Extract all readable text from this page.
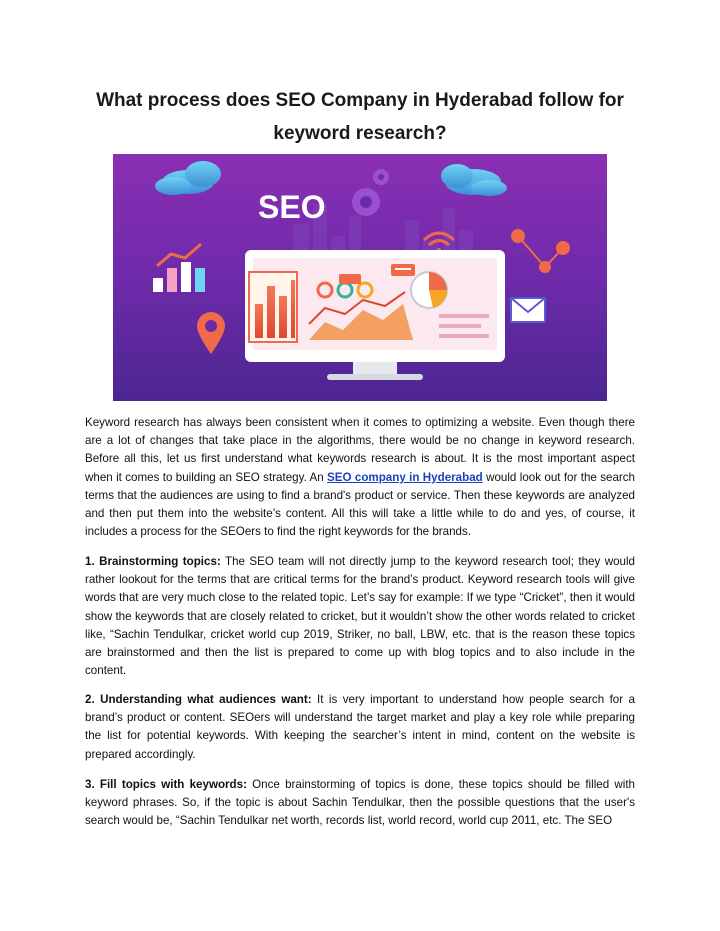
What process does SEO Company in Hyderabad follow for keyword research?
SEO
Keyword research has always been consistent when it comes to optimizing a website. Even though there are a lot of changes that take place in the algorithms, there would be no change in keyword research. Before all this, let us first understand what keywords research is about. It is the most important aspect when it comes to building an SEO strategy. An SEO company in Hyderabad would look out for the search terms that the audiences are using to find a brand's product or service. Then these keywords are analyzed and then put them into the website’s content. All this will take a little while to do and yes, of course, it includes a process for the SEOers to find the right keywords for the brands.
1. Brainstorming topics: The SEO team will not directly jump to the keyword research tool; they would rather lookout for the terms that are critical terms for the brand’s product. Keyword research tools will give words that are very much close to the related topic. Let’s say for example: If we type “Cricket”, then it would show the keywords that are closely related to cricket, but it wouldn’t show the other words related to cricket like, “Sachin Tendulkar, cricket world cup 2019, Striker, no ball, LBW, etc. that is the reason these topics are brainstormed and then the list is prepared to come up with blog topics and to also include in the content.
2. Understanding what audiences want: It is very important to understand how people search for a brand’s product or content. SEOers will understand the target market and play a key role while preparing the list for potential keywords. With keeping the searcher’s intent in mind, content on the website is prepared accordingly.
3. Fill topics with keywords: Once brainstorming of topics is done, these topics should be filled with keyword phrases. So, if the topic is about Sachin Tendulkar, then the possible questions that the user's search would be, “Sachin Tendulkar net worth, records list, world record, world cup 2011, etc. The SEO
